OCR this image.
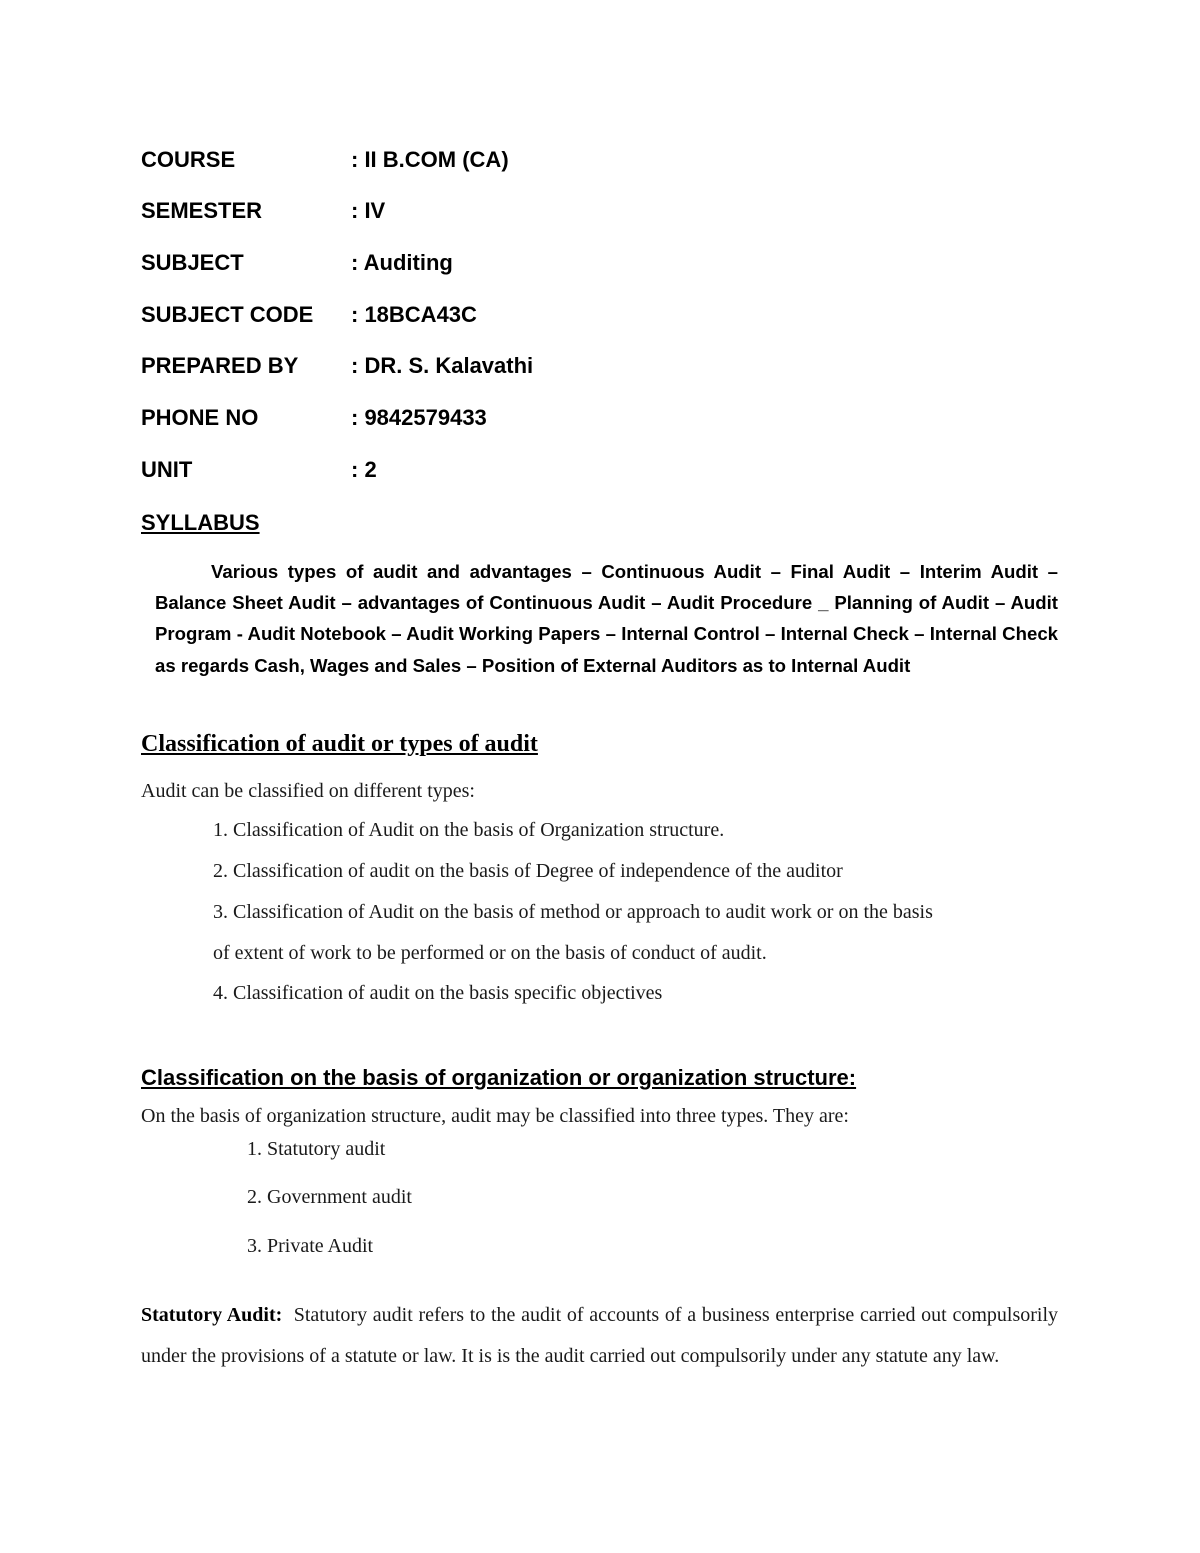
COURSE	: II B.COM (CA)
SEMESTER	: IV
SUBJECT	: Auditing
SUBJECT CODE : 18BCA43C
PREPARED BY : DR. S. Kalavathi
PHONE NO	: 9842579433
UNIT	: 2
SYLLABUS
Various types of audit and advantages – Continuous Audit – Final Audit – Interim Audit – Balance Sheet Audit – advantages of Continuous Audit – Audit Procedure _ Planning of Audit – Audit Program - Audit Notebook – Audit Working Papers – Internal Control – Internal Check – Internal Check as regards Cash, Wages and Sales – Position of External Auditors as to Internal Audit
Classification of audit or types of audit
Audit can be classified on different types:
1. Classification of Audit on the basis of Organization structure.
2. Classification of audit on the basis of Degree of independence of the auditor
3. Classification of Audit on the basis of method or approach to audit work or on the basis
of extent of work to be performed or on the basis of conduct of audit.
4. Classification of audit on the basis specific objectives
Classification on the basis of organization or organization structure:
On the basis of organization structure, audit may be classified into three types. They are:
1. Statutory audit
2. Government audit
3. Private Audit
Statutory Audit: Statutory audit refers to the audit of accounts of a business enterprise carried out compulsorily under the provisions of a statute or law. It is is the audit carried out compulsorily under any statute any law.
